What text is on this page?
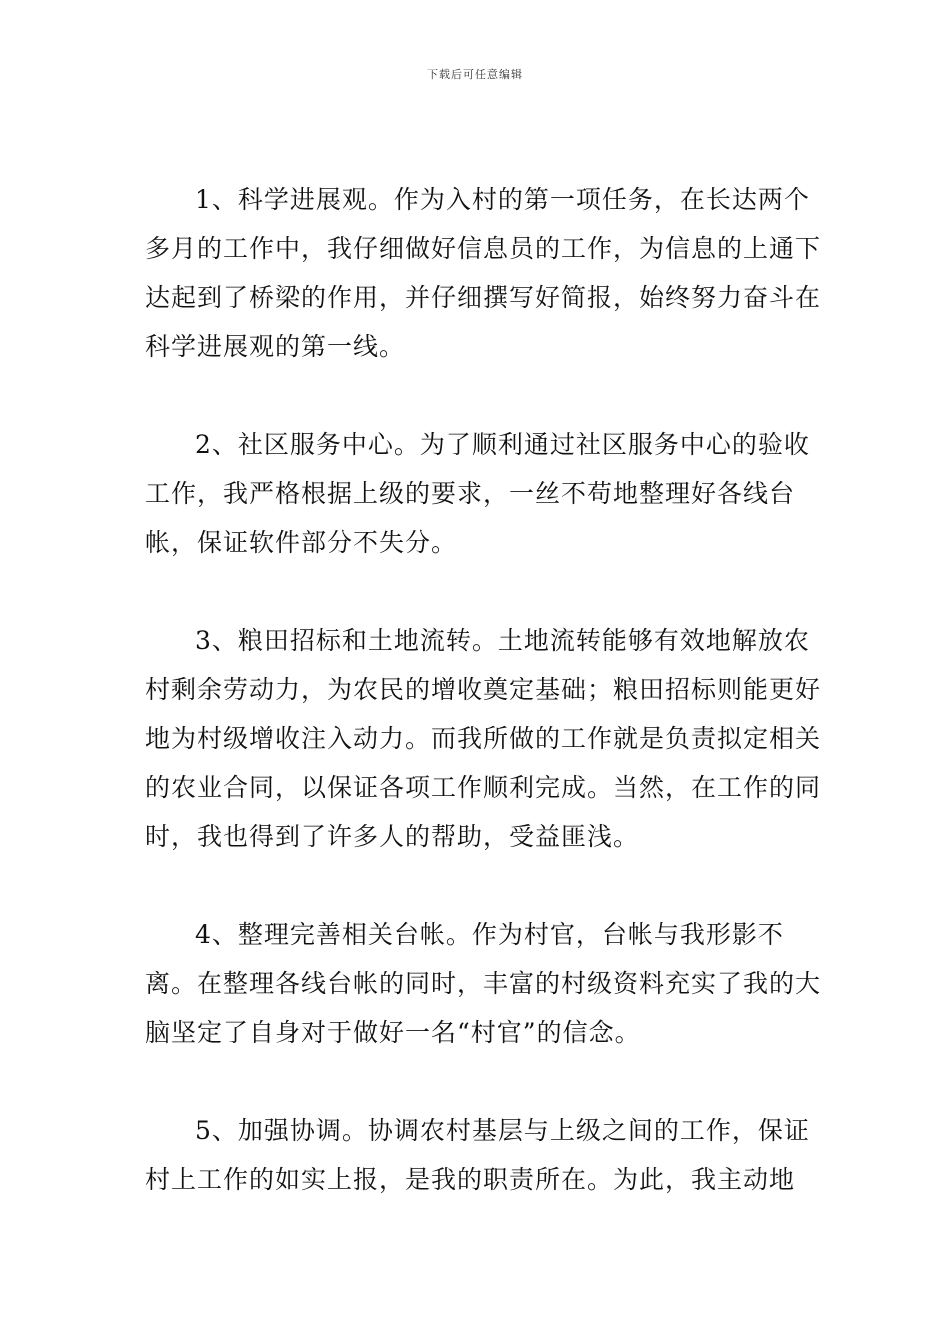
下载后可任意编辑

1、科学进展观。作为入村的第一项任务，在长达两个多月的工作中，我仔细做好信息员的工作，为信息的上通下达起到了桥梁的作用，并仔细撰写好简报，始终努力奋斗在科学进展观的第一线。

2、社区服务中心。为了顺利通过社区服务中心的验收工作，我严格根据上级的要求，一丝不苟地整理好各线台帐，保证软件部分不失分。

3、粮田招标和土地流转。土地流转能够有效地解放农村剩余劳动力，为农民的增收奠定基础；粮田招标则能更好地为村级增收注入动力。而我所做的工作就是负责拟定相关的农业合同，以保证各项工作顺利完成。当然，在工作的同时，我也得到了许多人的帮助，受益匪浅。

4、整理完善相关台帐。作为村官，台帐与我形影不离。在整理各线台帐的同时，丰富的村级资料充实了我的大脑坚定了自身对于做好一名“村官”的信念。

5、加强协调。协调农村基层与上级之间的工作，保证村上工作的如实上报，是我的职责所在。为此，我主动地
